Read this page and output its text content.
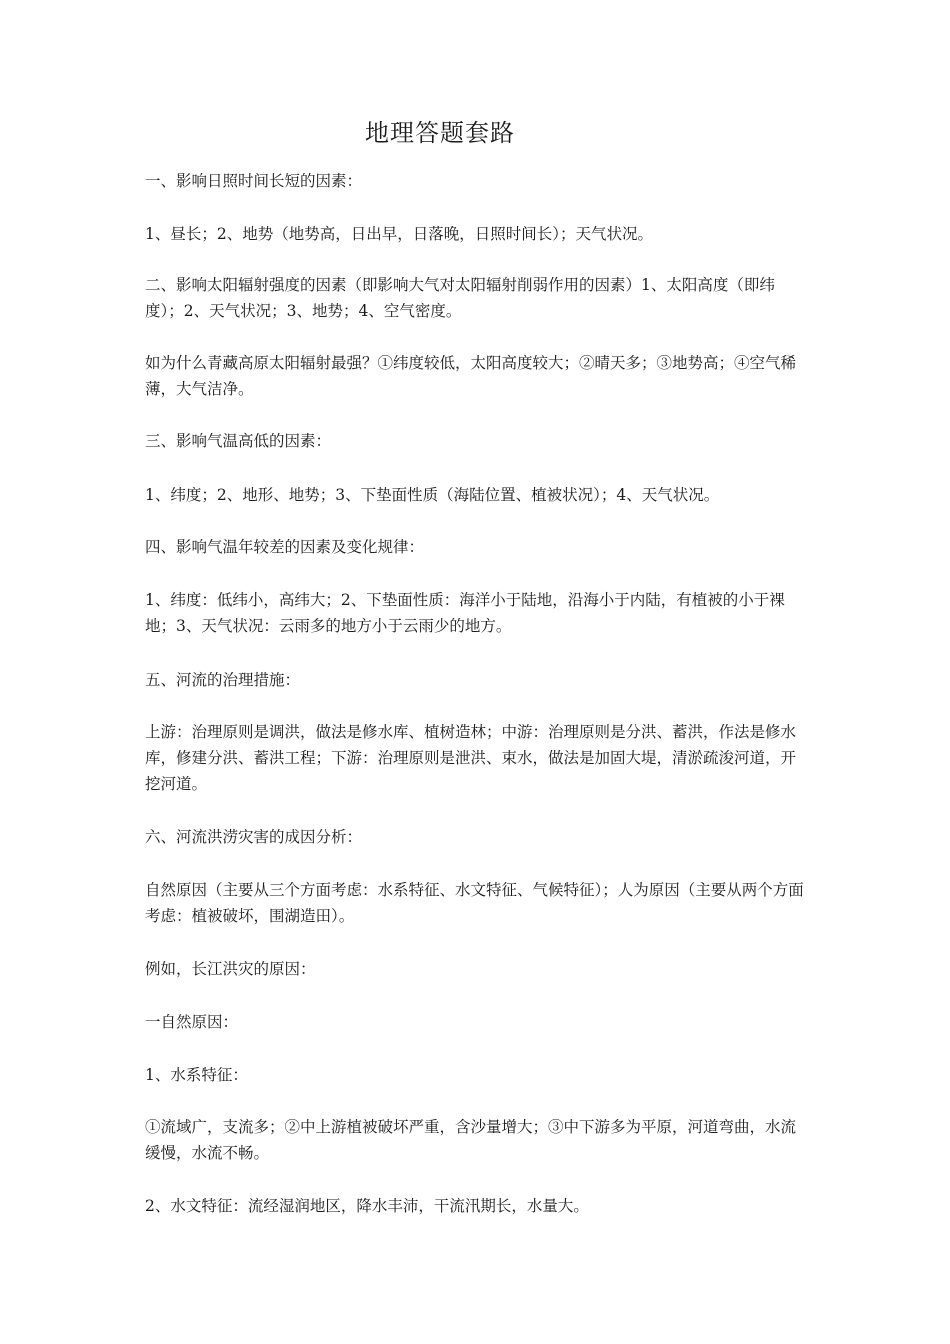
地理答题套路

一、影响日照时间长短的因素：

1、昼长；2、地势（地势高，日出早，日落晚，日照时间长）；天气状况。

二、影响太阳辐射强度的因素（即影响大气对太阳辐射削弱作用的因素）1、太阳高度（即纬度）；2、天气状况；3、地势；4、空气密度。

如为什么青藏高原太阳辐射最强？①纬度较低，太阳高度较大；②晴天多；③地势高；④空气稀薄，大气洁净。

三、影响气温高低的因素：

1、纬度；2、地形、地势；3、下垫面性质（海陆位置、植被状况）；4、天气状况。

四、影响气温年较差的因素及变化规律：

1、纬度：低纬小，高纬大；2、下垫面性质：海洋小于陆地，沿海小于内陆，有植被的小于裸地；3、天气状况：云雨多的地方小于云雨少的地方。

五、河流的治理措施：

上游：治理原则是调洪，做法是修水库、植树造林；中游：治理原则是分洪、蓄洪，作法是修水库，修建分洪、蓄洪工程；下游：治理原则是泄洪、束水，做法是加固大堤，清淤疏浚河道，开挖河道。

六、河流洪涝灾害的成因分析：

自然原因（主要从三个方面考虑：水系特征、水文特征、气候特征）；人为原因（主要从两个方面考虑：植被破坏，围湖造田）。

例如，长江洪灾的原因：

一自然原因：

1、水系特征：

①流域广，支流多；②中上游植被破坏严重，含沙量增大；③中下游多为平原，河道弯曲，水流缓慢，水流不畅。

2、水文特征：流经湿润地区，降水丰沛，干流汛期长，水量大。
